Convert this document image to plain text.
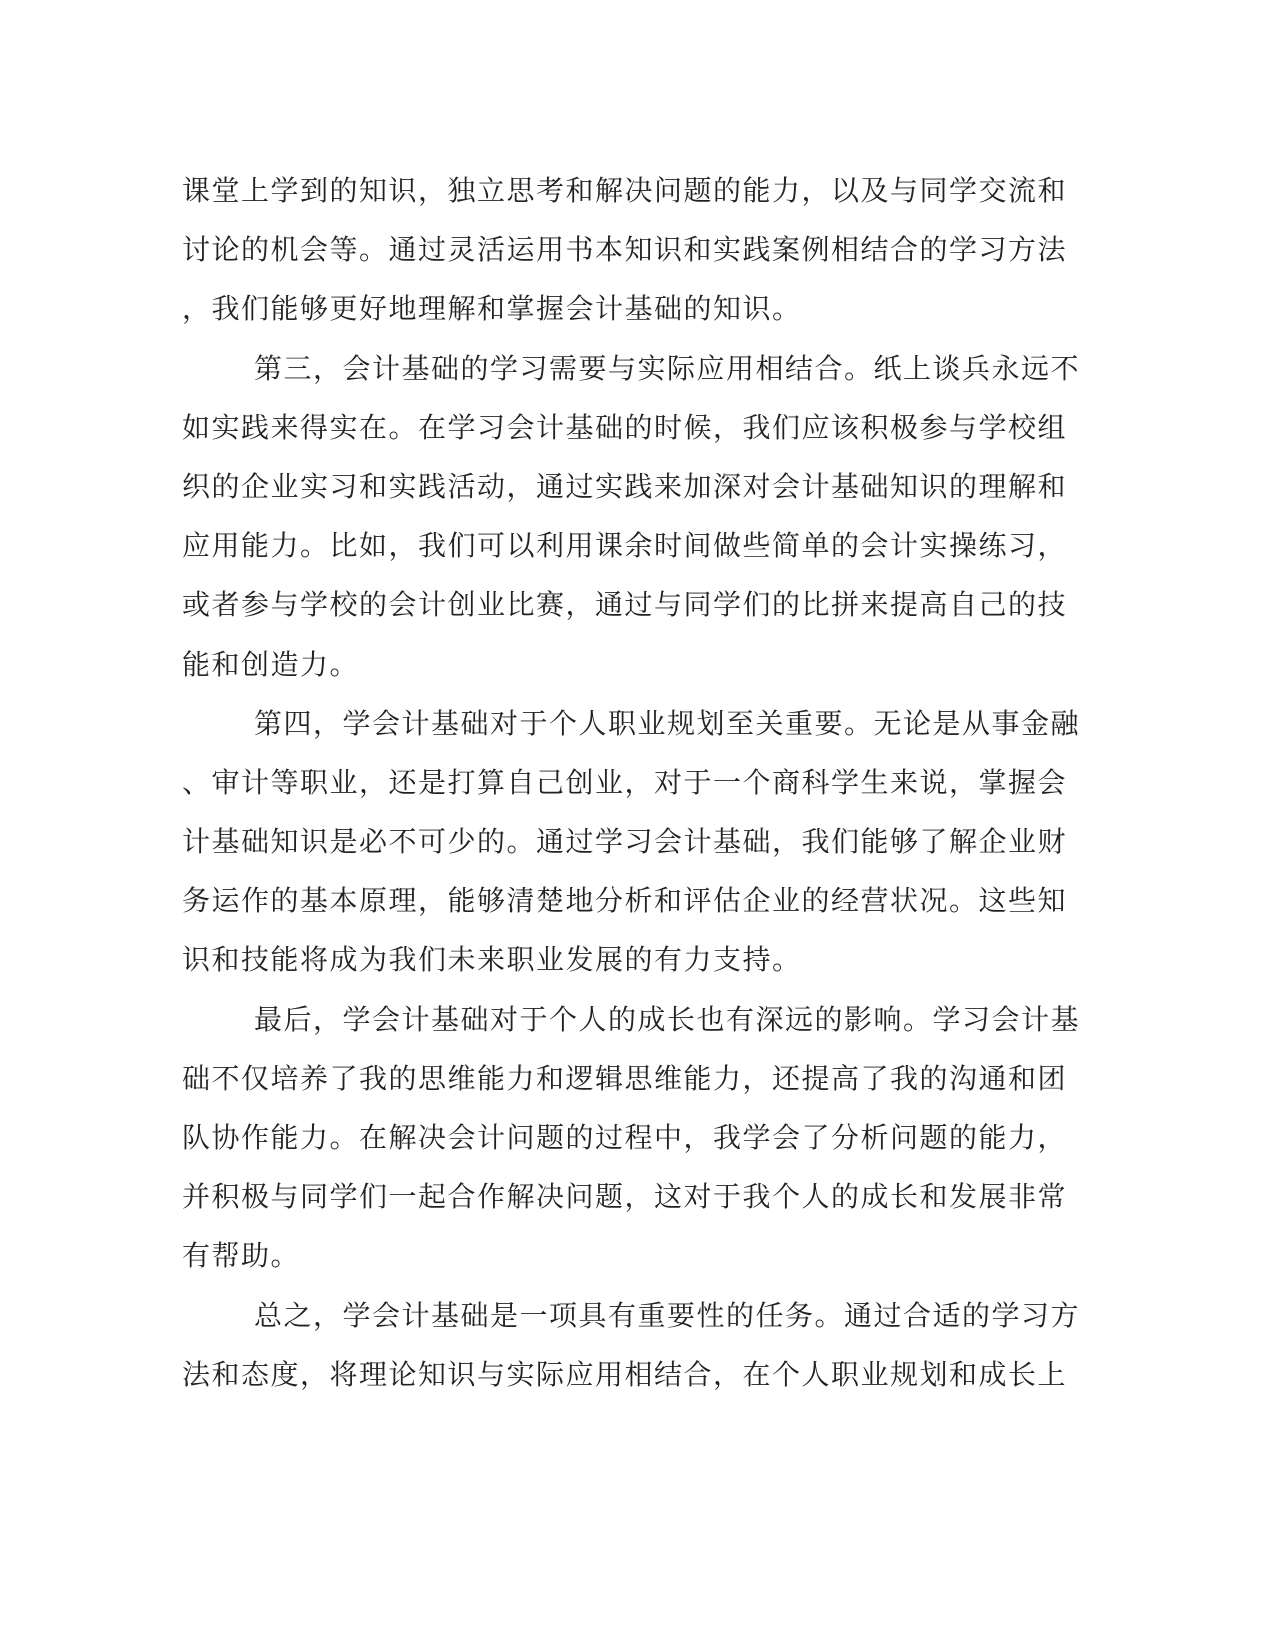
课堂上学到的知识，独立思考和解决问题的能力，以及与同学交流和
讨论的机会等。通过灵活运用书本知识和实践案例相结合的学习方法
，我们能够更好地理解和掌握会计基础的知识。
第三，会计基础的学习需要与实际应用相结合。纸上谈兵永远不
如实践来得实在。在学习会计基础的时候，我们应该积极参与学校组
织的企业实习和实践活动，通过实践来加深对会计基础知识的理解和
应用能力。比如，我们可以利用课余时间做些简单的会计实操练习，
或者参与学校的会计创业比赛，通过与同学们的比拼来提高自己的技
能和创造力。
第四，学会计基础对于个人职业规划至关重要。无论是从事金融
、审计等职业，还是打算自己创业，对于一个商科学生来说，掌握会
计基础知识是必不可少的。通过学习会计基础，我们能够了解企业财
务运作的基本原理，能够清楚地分析和评估企业的经营状况。这些知
识和技能将成为我们未来职业发展的有力支持。
最后，学会计基础对于个人的成长也有深远的影响。学习会计基
础不仅培养了我的思维能力和逻辑思维能力，还提高了我的沟通和团
队协作能力。在解决会计问题的过程中，我学会了分析问题的能力，
并积极与同学们一起合作解决问题，这对于我个人的成长和发展非常
有帮助。
总之，学会计基础是一项具有重要性的任务。通过合适的学习方
法和态度，将理论知识与实际应用相结合，在个人职业规划和成长上
